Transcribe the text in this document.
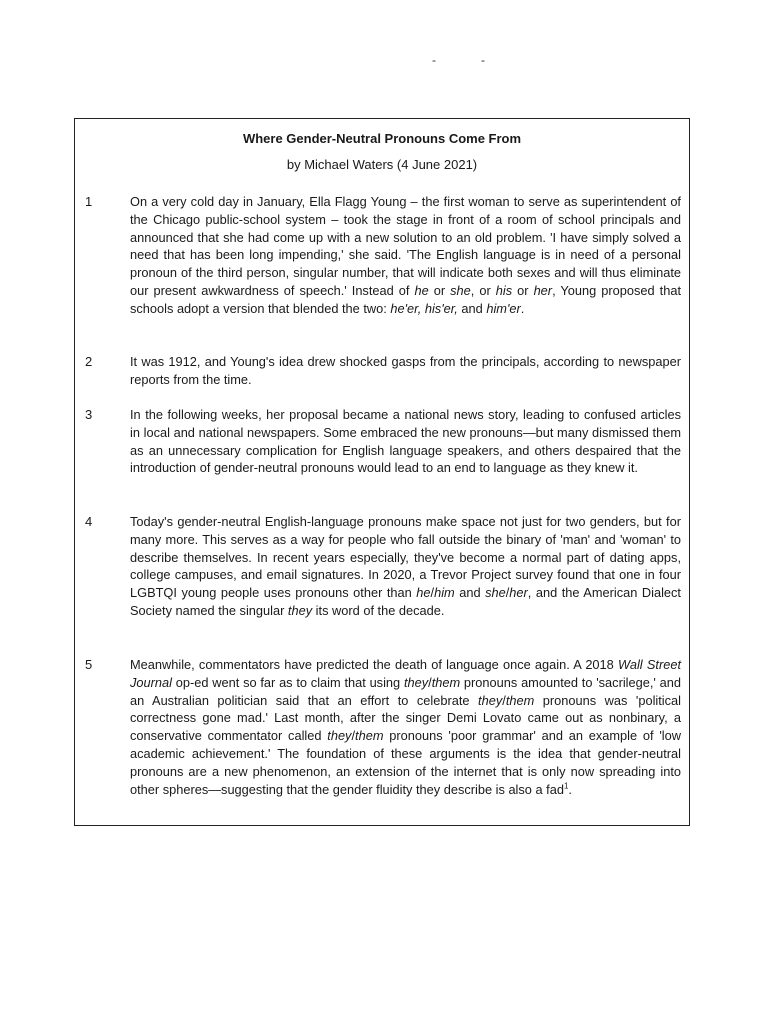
-	-
Where Gender-Neutral Pronouns Come From
by Michael Waters (4 June 2021)
1	On a very cold day in January, Ella Flagg Young – the first woman to serve as superintendent of the Chicago public-school system – took the stage in front of a room of school principals and announced that she had come up with a new solution to an old problem. 'I have simply solved a need that has been long impending,' she said. 'The English language is in need of a personal pronoun of the third person, singular number, that will indicate both sexes and will thus eliminate our present awkwardness of speech.' Instead of he or she, or his or her, Young proposed that schools adopt a version that blended the two: he'er, his'er, and him'er.
2	It was 1912, and Young's idea drew shocked gasps from the principals, according to newspaper reports from the time.
3	In the following weeks, her proposal became a national news story, leading to confused articles in local and national newspapers. Some embraced the new pronouns—but many dismissed them as an unnecessary complication for English language speakers, and others despaired that the introduction of gender-neutral pronouns would lead to an end to language as they knew it.
4	Today's gender-neutral English-language pronouns make space not just for two genders, but for many more. This serves as a way for people who fall outside the binary of 'man' and 'woman' to describe themselves. In recent years especially, they've become a normal part of dating apps, college campuses, and email signatures. In 2020, a Trevor Project survey found that one in four LGBTQI young people uses pronouns other than he/him and she/her, and the American Dialect Society named the singular they its word of the decade.
5	Meanwhile, commentators have predicted the death of language once again. A 2018 Wall Street Journal op-ed went so far as to claim that using they/them pronouns amounted to 'sacrilege,' and an Australian politician said that an effort to celebrate they/them pronouns was 'political correctness gone mad.' Last month, after the singer Demi Lovato came out as nonbinary, a conservative commentator called they/them pronouns 'poor grammar' and an example of 'low academic achievement.' The foundation of these arguments is the idea that gender-neutral pronouns are a new phenomenon, an extension of the internet that is only now spreading into other spheres—suggesting that the gender fluidity they describe is also a fad$^1$.
